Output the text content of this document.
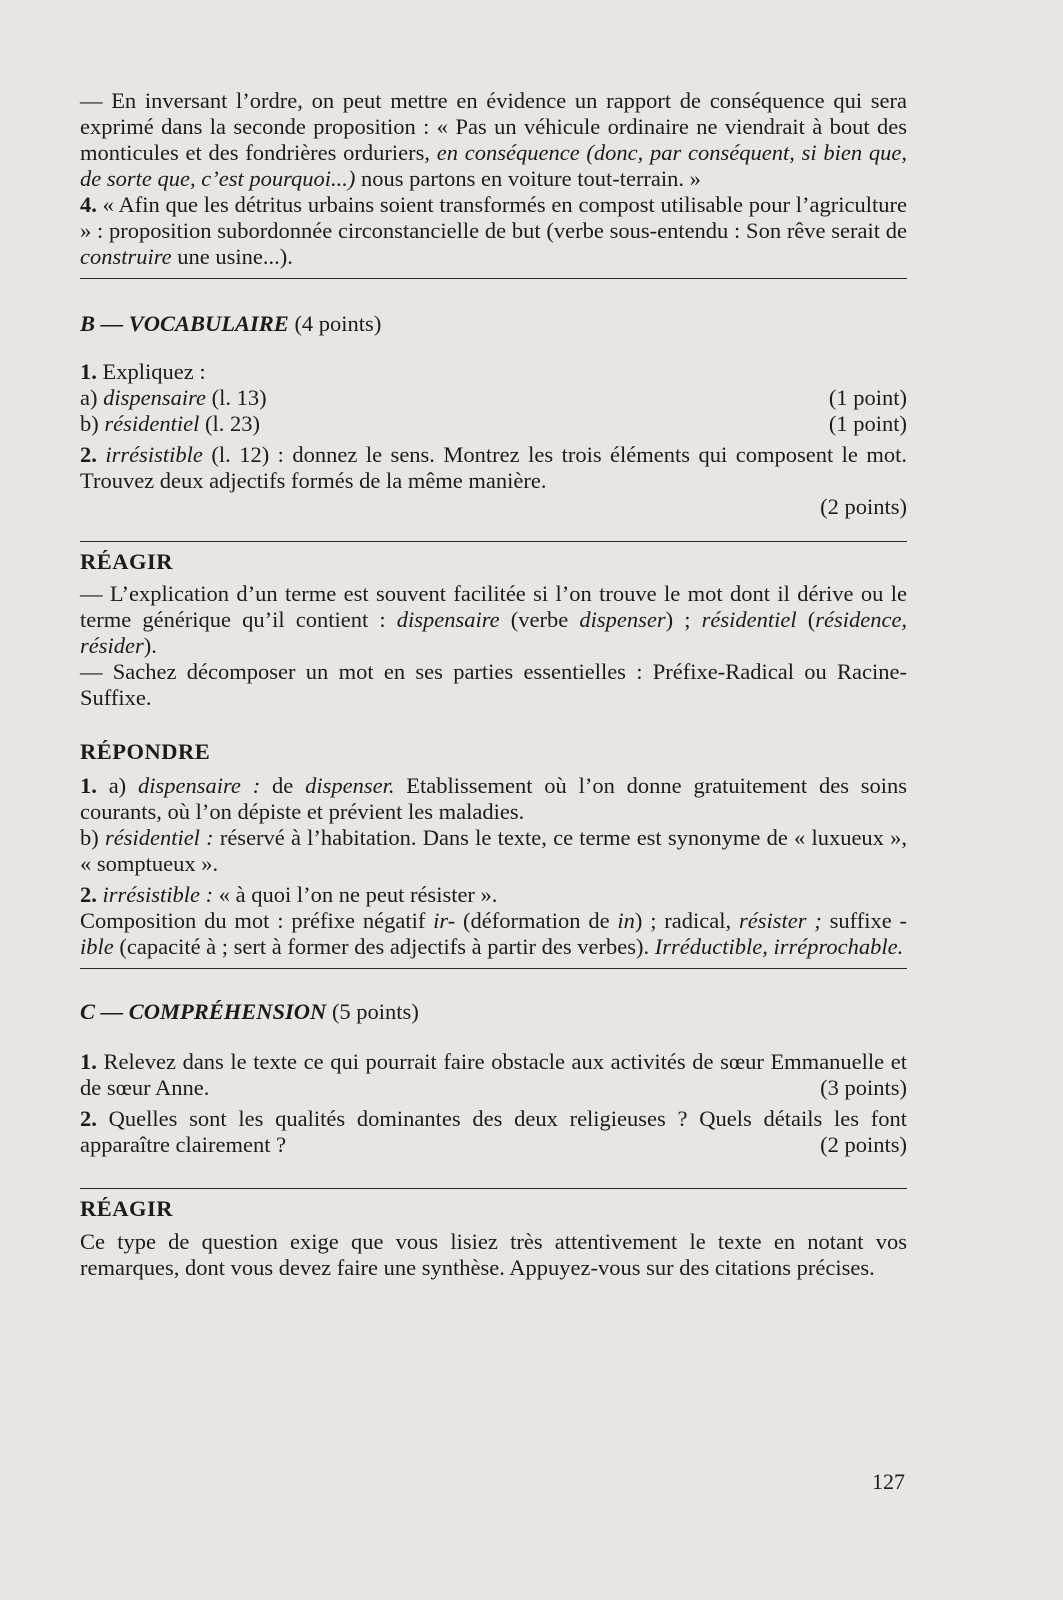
— En inversant l’ordre, on peut mettre en évidence un rapport de conséquence qui sera exprimé dans la seconde proposition : « Pas un véhicule ordinaire ne viendrait à bout des monticules et des fondrières orduriers, en conséquence (donc, par conséquent, si bien que, de sorte que, c’est pourquoi...) nous partons en voiture tout-terrain. »

4. « Afin que les détritus urbains soient transformés en compost utilisable pour l’agriculture » : proposition subordonnée circonstancielle de but (verbe sous-entendu : Son rêve serait de construire une usine...).

B — VOCABULAIRE (4 points)

1. Expliquez :

a) dispensaire (l. 13)	(1 point)
b) résidentiel (l. 23)	(1 point)

2. irrésistible (l. 12) : donnez le sens. Montrez les trois éléments qui composent le mot. Trouvez deux adjectifs formés de la même manière.

(2 points)

RÉAGIR

— L’explication d’un terme est souvent facilitée si l’on trouve le mot dont il dérive ou le terme générique qu’il contient : dispensaire (verbe dispenser) ; résidentiel (résidence, résider).

— Sachez décomposer un mot en ses parties essentielles : Préfixe-Radical ou Racine-Suffixe.

RÉPONDRE

1. a) dispensaire : de dispenser. Etablissement où l’on donne gratuitement des soins courants, où l’on dépiste et prévient les maladies.

b) résidentiel : réservé à l’habitation. Dans le texte, ce terme est synonyme de « luxueux », « somptueux ».

2. irrésistible : « à quoi l’on ne peut résister ».

Composition du mot : préfixe négatif ir- (déformation de in) ; radical, résister ; suffixe -ible (capacité à ; sert à former des adjectifs à partir des verbes). Irréductible, irréprochable.

C — COMPRÉHENSION (5 points)

1. Relevez dans le texte ce qui pourrait faire obstacle aux activités de sœur Emmanuelle et de sœur Anne.	(3 points)

2. Quelles sont les qualités dominantes des deux religieuses ? Quels détails les font apparaître clairement ?	(2 points)

RÉAGIR

Ce type de question exige que vous lisiez très attentivement le texte en notant vos remarques, dont vous devez faire une synthèse. Appuyez-vous sur des citations précises.

127
